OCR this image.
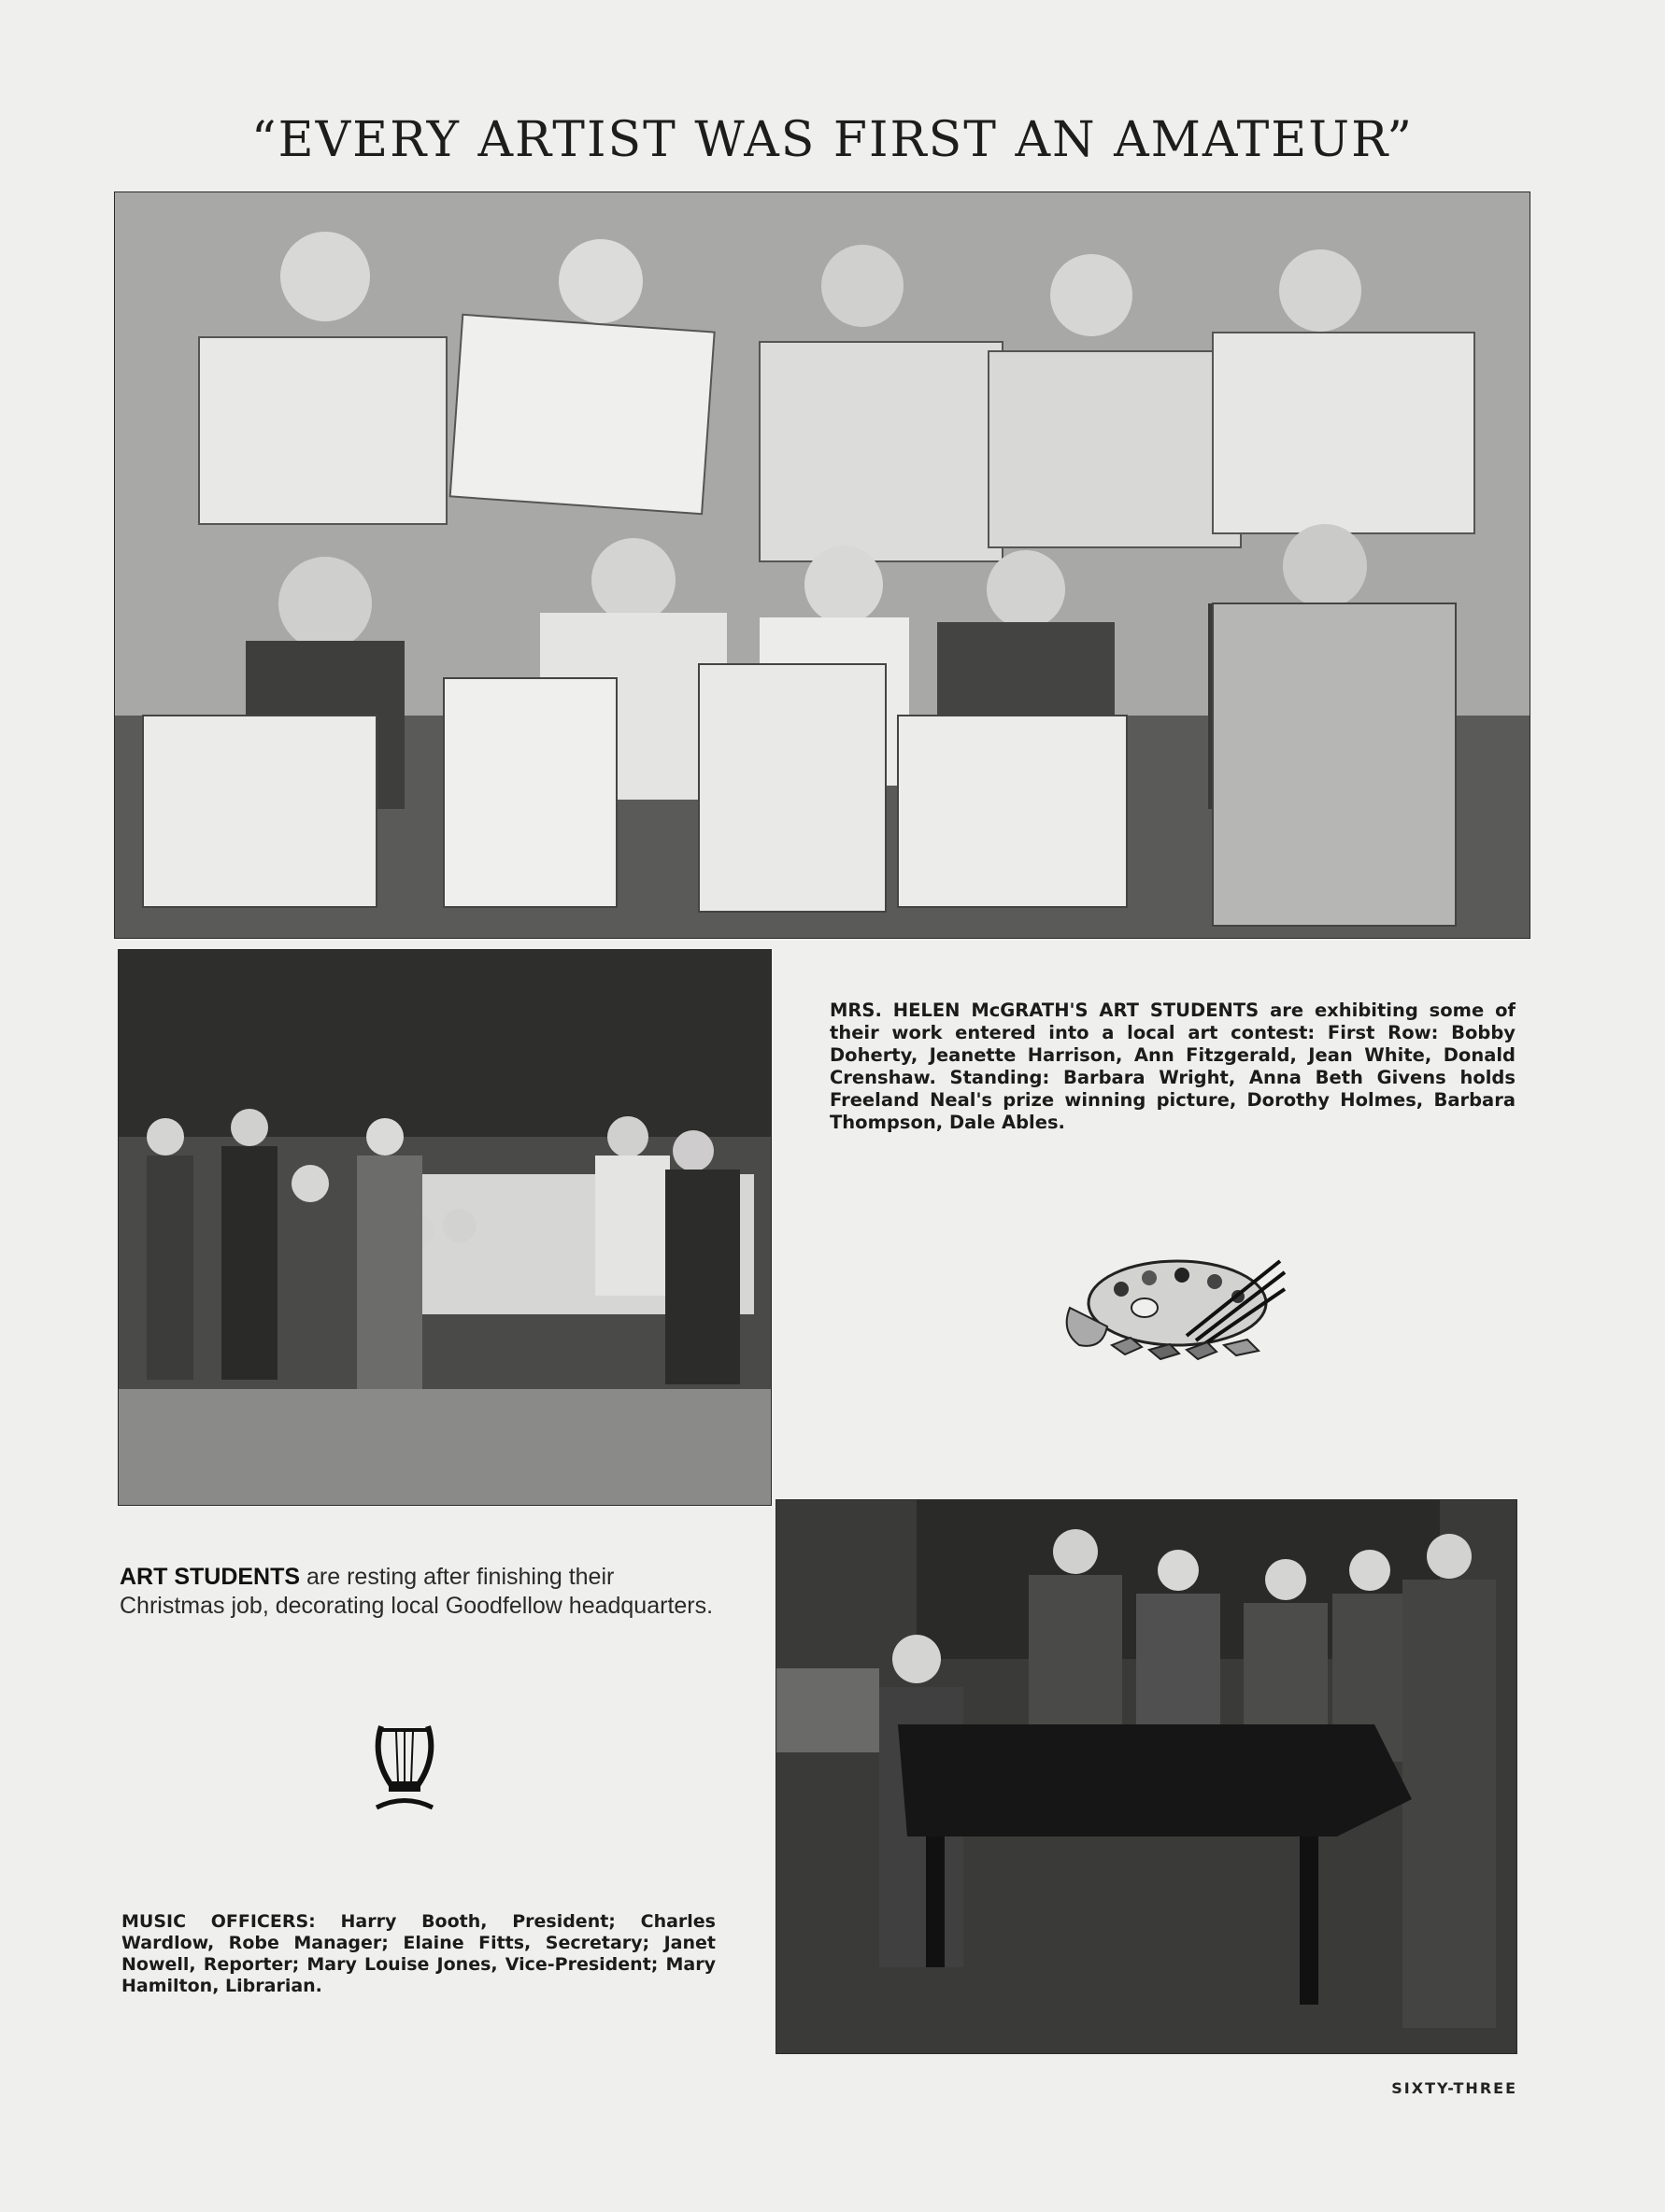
“EVERY ARTIST WAS FIRST AN AMATEUR”
MRS. HELEN McGRATH'S ART STUDENTS are exhibiting some of their work entered into a local art contest: First Row: Bobby Doherty, Jeanette Harrison, Ann Fitzgerald, Jean White, Donald Crenshaw. Standing: Barbara Wright, Anna Beth Givens holds Freeland Neal's prize winning picture, Dorothy Holmes, Barbara Thompson, Dale Ables.
ART STUDENTS are resting after finishing their Christmas job, decorating local Goodfellow headquarters.
MUSIC OFFICERS: Harry Booth, President; Charles Wardlow, Robe Manager; Elaine Fitts, Secretary; Janet Nowell, Reporter; Mary Louise Jones, Vice-President; Mary Hamilton, Librarian.
SIXTY-THREE
